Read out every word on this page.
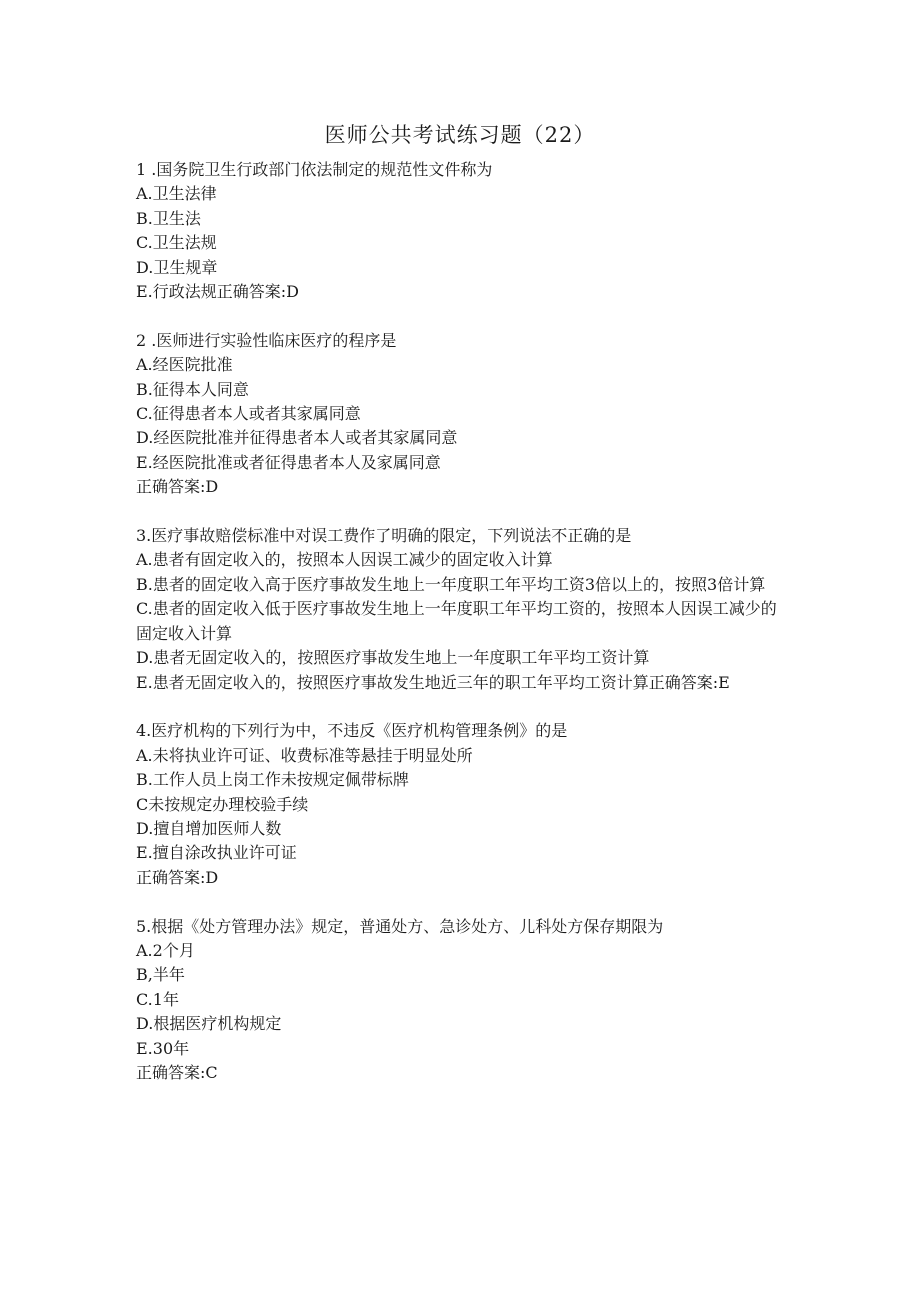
医师公共考试练习题（22）
1 .国务院卫生行政部门依法制定的规范性文件称为
A.卫生法律
B.卫生法
C.卫生法规
D.卫生规章
E.行政法规正确答案:D
2 .医师进行实验性临床医疗的程序是
A.经医院批准
B.征得本人同意
C.征得患者本人或者其家属同意
D.经医院批准并征得患者本人或者其家属同意
E.经医院批准或者征得患者本人及家属同意
正确答案:D
3.医疗事故赔偿标准中对误工费作了明确的限定，下列说法不正确的是
A.患者有固定收入的，按照本人因误工减少的固定收入计算
B.患者的固定收入高于医疗事故发生地上一年度职工年平均工资3倍以上的，按照3倍计算
C.患者的固定收入低于医疗事故发生地上一年度职工年平均工资的，按照本人因误工减少的固定收入计算
D.患者无固定收入的，按照医疗事故发生地上一年度职工年平均工资计算
E.患者无固定收入的，按照医疗事故发生地近三年的职工年平均工资计算正确答案:E
4.医疗机构的下列行为中，不违反《医疗机构管理条例》的是
A.未将执业许可证、收费标准等悬挂于明显处所
B.工作人员上岗工作未按规定佩带标牌
C未按规定办理校验手续
D.擅自增加医师人数
E.擅自涂改执业许可证
正确答案:D
5.根据《处方管理办法》规定，普通处方、急诊处方、儿科处方保存期限为
A.2个月
B,半年
C.1年
D.根据医疗机构规定
E.30年
正确答案:C
